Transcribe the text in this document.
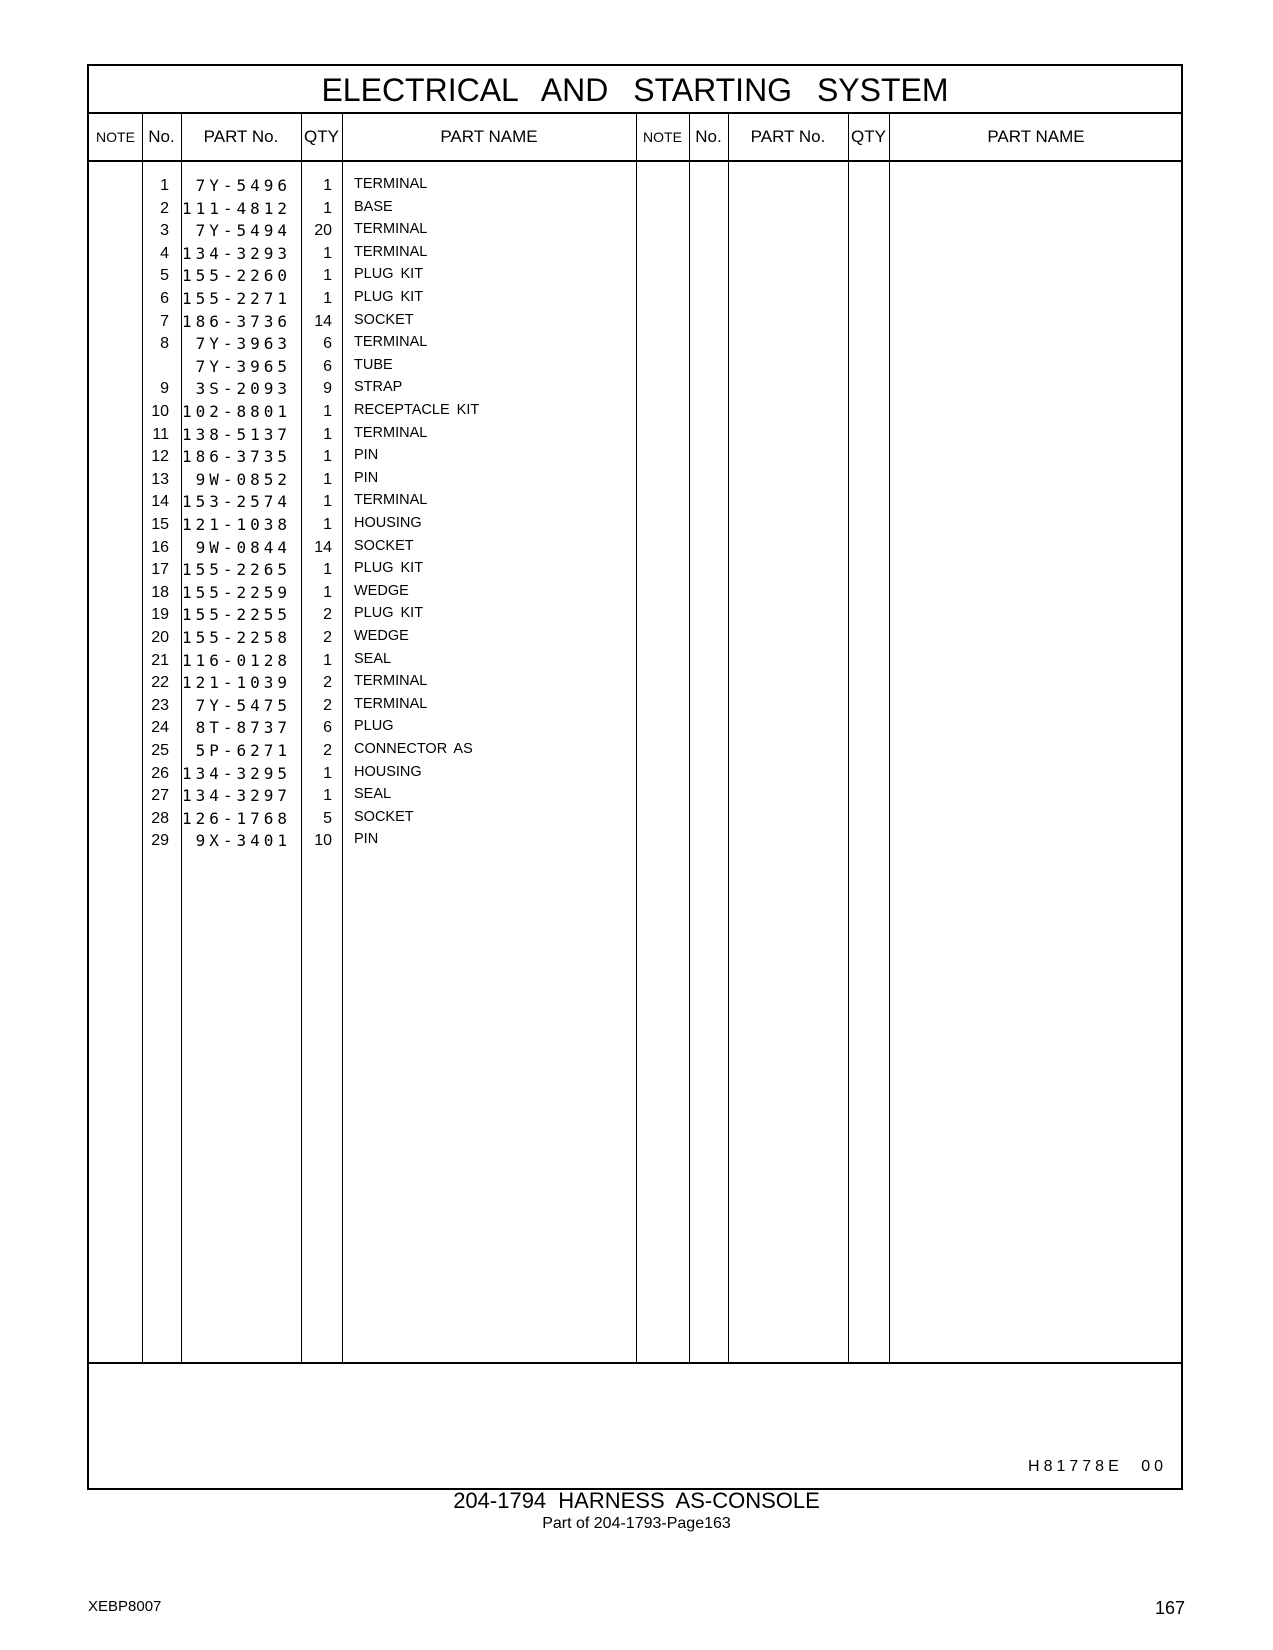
ELECTRICAL AND STARTING SYSTEM
NOTE No.	PART No.	QTY	PART NAME	NOTE No.	PART No.	QTY	PART NAME
1	7Y-5496	1 TERMINAL
2 111-4812	1 BASE
3	7Y-5494	20 TERMINAL
4 134-3293	1 TERMINAL
5 155-2260	1 PLUG KIT
6 155-2271	1 PLUG KIT
7 186-3736	14 SOCKET
8	7Y-3963	6 TERMINAL
7Y-3965	6 TUBE
9	3S-2093	9 STRAP
10 102-8801	1 RECEPTACLE KIT
11 138-5137	1 TERMINAL
12 186-3735	1 PIN
13	9W-0852	1 PIN
14 153-2574	1 TERMINAL
15 121-1038	1 HOUSING
16	9W-0844	14 SOCKET
17 155-2265	1 PLUG KIT
18 155-2259	1 WEDGE
19 155-2255	2 PLUG KIT
20 155-2258	2 WEDGE
21 116-0128	1 SEAL
22 121-1039	2 TERMINAL
23	7Y-5475	2 TERMINAL
24	8T-8737	6 PLUG
25	5P-6271	2 CONNECTOR AS
26 134-3295	1 HOUSING
27 134-3297	1 SEAL
28 126-1768	5 SOCKET
29	9X-3401	10 PIN
H81778E 00
204-1794 HARNESS AS-CONSOLE
Part of 204-1793-Page163
XEBP8007	167
